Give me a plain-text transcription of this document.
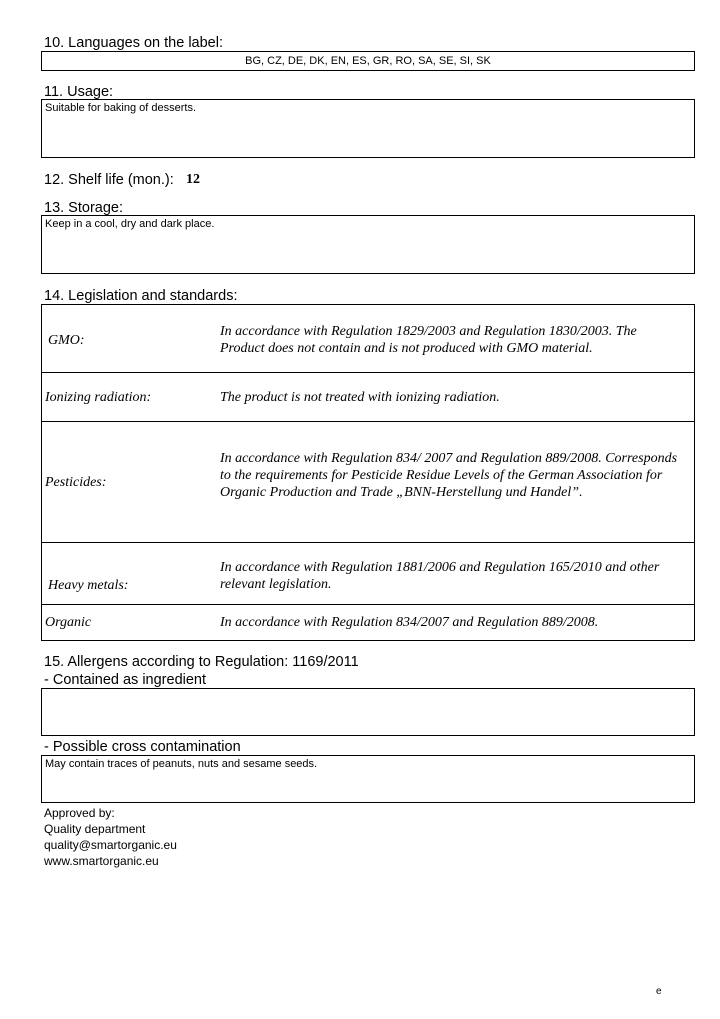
10. Languages on the label:
BG, CZ, DE, DK, EN, ES, GR, RO, SA, SE, SI, SK
11. Usage:
Suitable for baking of desserts.
12. Shelf life (mon.): 12
13. Storage:
Keep in a cool, dry and dark place.
14. Legislation and standards:
GMO:	In accordance with Regulation 1829/2003 and Regulation 1830/2003. The Product does not contain and is not produced with GMO material.
Ionizing radiation:	The product is not treated with ionizing radiation.
Pesticides:	In accordance with Regulation 834/ 2007 and Regulation 889/2008. Corresponds to the requirements for Pesticide Residue Levels of the German Association for Organic Production and Trade „BNN-Herstellung und Handel”.
Heavy metals:	In accordance with Regulation 1881/2006 and Regulation 165/2010 and other relevant legislation.
Organic	In accordance with Regulation 834/2007 and Regulation 889/2008.
15. Allergens according to Regulation: 1169/2011
- Contained as ingredient
- Possible cross contamination
May contain traces of peanuts, nuts and sesame seeds.
Approved by:
Quality department
quality@smartorganic.eu
www.smartorganic.eu
e
